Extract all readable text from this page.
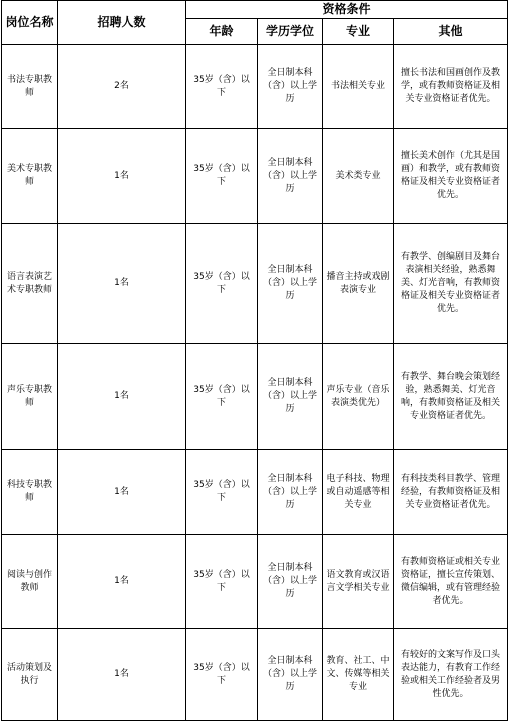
岗位名称	招聘人数	资格条件			
		年龄	学历学位	专业	其他
书法专职教师	2名	35岁（含）以下	全日制本科（含）以上学历	书法相关专业	擅长书法和国画创作及教学，或有教师资格证及相关专业资格证者优先。
美术专职教师	1名	35岁（含）以下	全日制本科（含）以上学历	美术类专业	擅长美术创作（尤其是国画）和教学，或有教师资格证及相关专业资格证者优先。
语言表演艺术专职教师	1名	35岁（含）以下	全日制本科（含）以上学历	播音主持或戏剧表演专业	有教学、创编剧目及舞台表演相关经验，熟悉舞美、灯光音响，有教师资格证及相关专业资格证者优先。
声乐专职教师	1名	35岁（含）以下	全日制本科（含）以上学历	声乐专业（音乐表演类优先）	有教学、舞台晚会策划经验，熟悉舞美、灯光音响，有教师资格证及相关专业资格证者优先。
科技专职教师	1名	35岁（含）以下	全日制本科（含）以上学历	电子科技、物理或自动遥感等相关专业	有科技类科目教学、管理经验，有教师资格证及相关专业资格证者优先。
阅读与创作教师	1名	35岁（含）以下	全日制本科（含）以上学历	语文教育或汉语言文学相关专业	有教师资格证或相关专业资格证，擅长宣传策划、微信编辑，或有管理经验者优先。
活动策划及执行	1名	35岁（含）以下	全日制本科（含）以上学历	教育、社工、中文、传媒等相关专业	有较好的文案写作及口头表达能力，有教育工作经验或相关工作经验者及男性优先。
